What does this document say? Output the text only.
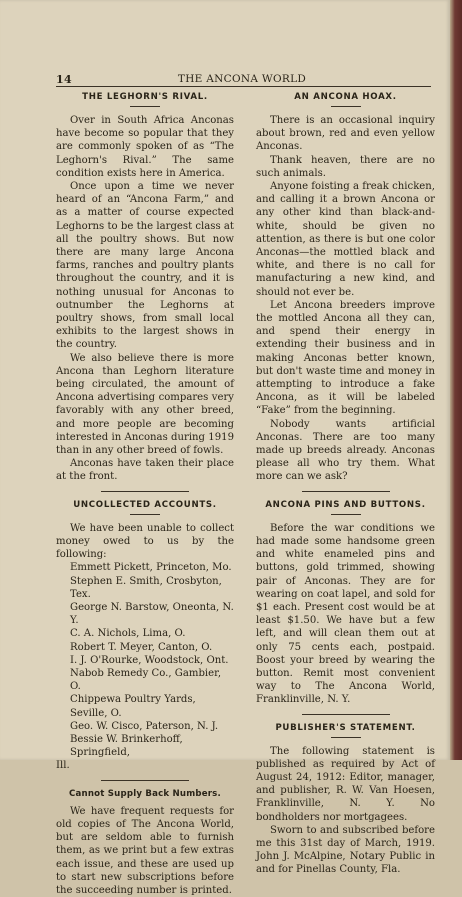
14	THE ANCONA WORLD
THE LEGHORN'S RIVAL.

Over in South Africa Anconas have become so popular that they are commonly spoken of as “The Leghorn's Rival.” The same condition exists here in America.

Once upon a time we never heard of an “Ancona Farm,” and as a matter of course expected Leghorns to be the largest class at all the poultry shows. But now there are many large Ancona farms, ranches and poultry plants throughout the country, and it is nothing unusual for Anconas to outnumber the Leghorns at poultry shows, from small local exhibits to the largest shows in the country.

We also believe there is more Ancona than Leghorn literature being circulated, the amount of Ancona advertising compares very favorably with any other breed, and more people are becoming interested in Anconas during 1919 than in any other breed of fowls.

Anconas have taken their place at the front.

UNCOLLECTED ACCOUNTS.

We have been unable to collect money owed to us by the following:

Emmett Pickett, Princeton, Mo.
Stephen E. Smith, Crosbyton, Tex.
George N. Barstow, Oneonta, N. Y.
C. A. Nichols, Lima, O.
Robert T. Meyer, Canton, O.
I. J. O'Rourke, Woodstock, Ont.
Nabob Remedy Co., Gambier, O.
Chippewa Poultry Yards, Seville, O.
Geo. W. Cisco, Paterson, N. J.
Bessie W. Brinkerhoff, Springfield,
Ill.
Cannot Supply Back Numbers.

We have frequent requests for old copies of The Ancona World, but are seldom able to furnish them, as we print but a few extras each issue, and these are used up to start new subscriptions before the succeeding number is printed.

AN ANCONA HOAX.

There is an occasional inquiry about brown, red and even yellow Anconas.

Thank heaven, there are no such animals.

Anyone foisting a freak chicken, and calling it a brown Ancona or any other kind than black-and-white, should be given no attention, as there is but one color Anconas—the mottled black and white, and there is no call for manufacturing a new kind, and should not ever be.

Let Ancona breeders improve the mottled Ancona all they can, and spend their energy in extending their business and in making Anconas better known, but don't waste time and money in attempting to introduce a fake Ancona, as it will be labeled “Fake” from the beginning.

Nobody wants artificial Anconas. There are too many made up breeds already. Anconas please all who try them. What more can we ask?

ANCONA PINS AND BUTTONS.

Before the war conditions we had made some handsome green and white enameled pins and buttons, gold trimmed, showing pair of Anconas. They are for wearing on coat lapel, and sold for $1 each. Present cost would be at least $1.50. We have but a few left, and will clean them out at only 75 cents each, postpaid. Boost your breed by wearing the button. Remit most convenient way to The Ancona World, Franklinville, N. Y.

PUBLISHER'S STATEMENT.

The following statement is published as required by Act of August 24, 1912: Editor, manager, and publisher, R. W. Van Hoesen, Franklinville, N. Y. No bondholders nor mortgagees.

Sworn to and subscribed before me this 31st day of March, 1919. John J. McAlpine, Notary Public in and for Pinellas County, Fla.
